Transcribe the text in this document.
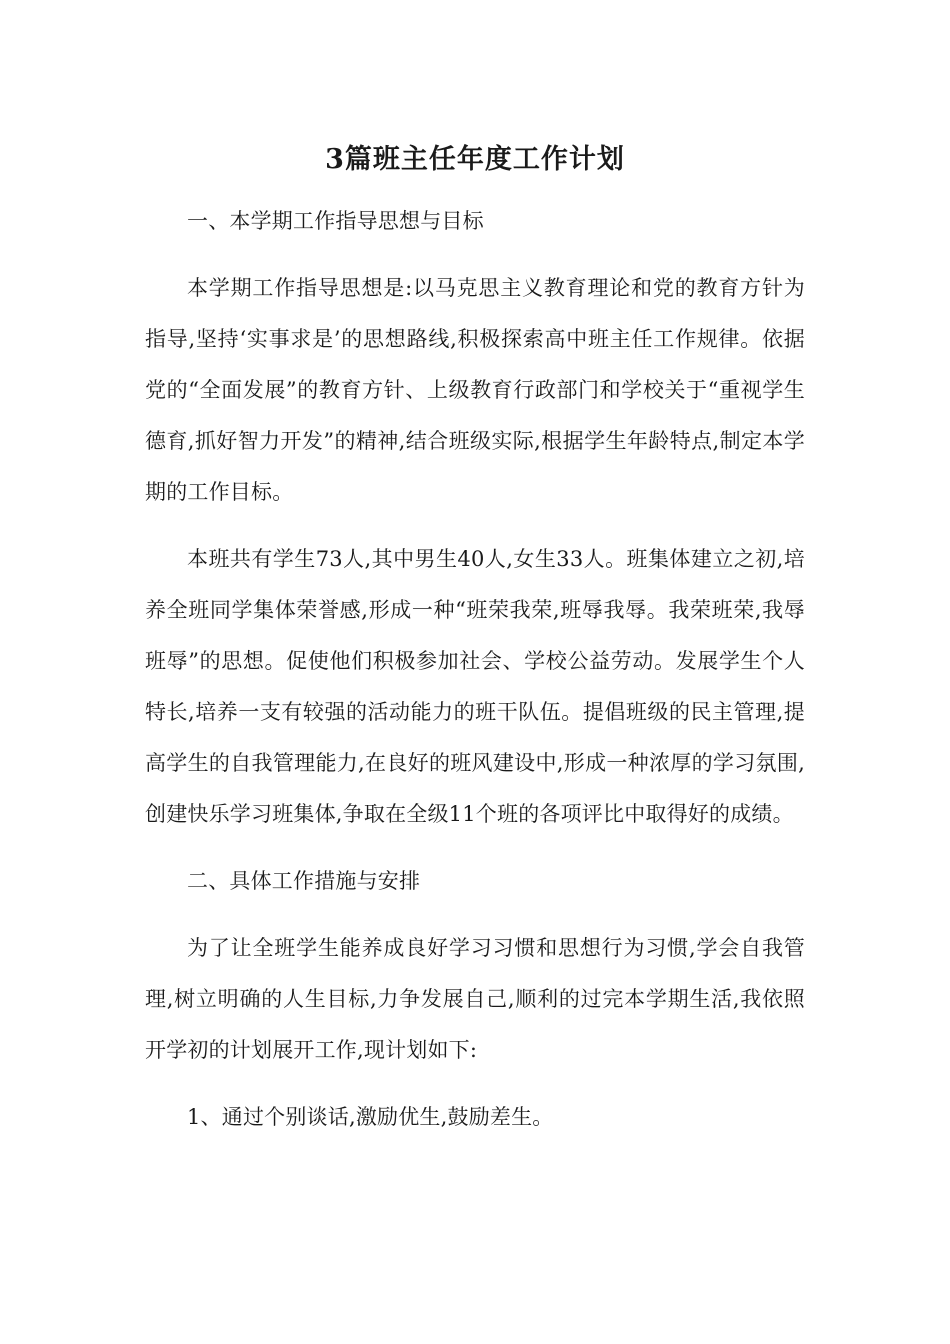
3篇班主任年度工作计划

一、本学期工作指导思想与目标

本学期工作指导思想是:以马克思主义教育理论和党的教育方针为指导,坚持‘实事求是’的思想路线,积极探索高中班主任工作规律。依据党的“全面发展”的教育方针、上级教育行政部门和学校关于“重视学生德育,抓好智力开发”的精神,结合班级实际,根据学生年龄特点,制定本学期的工作目标。

本班共有学生73人,其中男生40人,女生33人。班集体建立之初,培养全班同学集体荣誉感,形成一种“班荣我荣,班辱我辱。我荣班荣,我辱班辱”的思想。促使他们积极参加社会、学校公益劳动。发展学生个人特长,培养一支有较强的活动能力的班干队伍。提倡班级的民主管理,提高学生的自我管理能力,在良好的班风建设中,形成一种浓厚的学习氛围,创建快乐学习班集体,争取在全级11个班的各项评比中取得好的成绩。

二、具体工作措施与安排

为了让全班学生能养成良好学习习惯和思想行为习惯,学会自我管理,树立明确的人生目标,力争发展自己,顺利的过完本学期生活,我依照开学初的计划展开工作,现计划如下:

1、通过个别谈话,激励优生,鼓励差生。
